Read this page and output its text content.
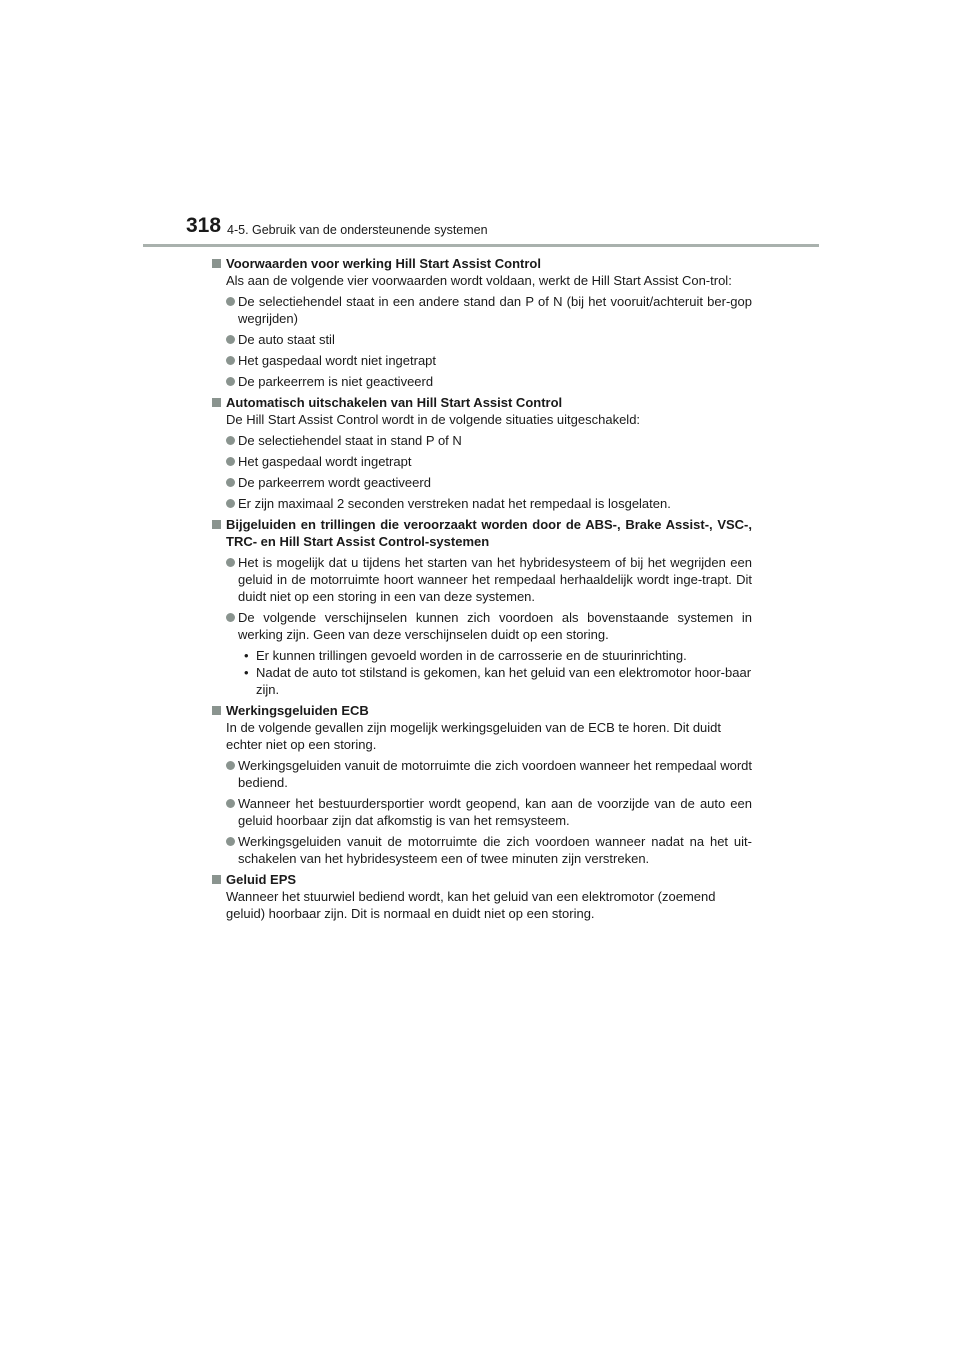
318 4-5. Gebruik van de ondersteunende systemen

Voorwaarden voor werking Hill Start Assist Control

Als aan de volgende vier voorwaarden wordt voldaan, werkt de Hill Start Assist Con-trol:

De selectiehendel staat in een andere stand dan P of N (bij het vooruit/achteruit ber-gop wegrijden)
De auto staat stil
Het gaspedaal wordt niet ingetrapt
De parkeerrem is niet geactiveerd

Automatisch uitschakelen van Hill Start Assist Control

De Hill Start Assist Control wordt in de volgende situaties uitgeschakeld:

De selectiehendel staat in stand P of N
Het gaspedaal wordt ingetrapt
De parkeerrem wordt geactiveerd
Er zijn maximaal 2 seconden verstreken nadat het rempedaal is losgelaten.

Bijgeluiden en trillingen die veroorzaakt worden door de ABS-, Brake Assist-, VSC-, TRC- en Hill Start Assist Control-systemen

Het is mogelijk dat u tijdens het starten van het hybridesysteem of bij het wegrijden een geluid in de motorruimte hoort wanneer het rempedaal herhaaldelijk wordt inge-trapt. Dit duidt niet op een storing in een van deze systemen.
De volgende verschijnselen kunnen zich voordoen als bovenstaande systemen in werking zijn. Geen van deze verschijnselen duidt op een storing.
• Er kunnen trillingen gevoeld worden in de carrosserie en de stuurinrichting.
• Nadat de auto tot stilstand is gekomen, kan het geluid van een elektromotor hoor-baar zijn.

Werkingsgeluiden ECB

In de volgende gevallen zijn mogelijk werkingsgeluiden van de ECB te horen. Dit duidt echter niet op een storing.

Werkingsgeluiden vanuit de motorruimte die zich voordoen wanneer het rempedaal wordt bediend.
Wanneer het bestuurdersportier wordt geopend, kan aan de voorzijde van de auto een geluid hoorbaar zijn dat afkomstig is van het remsysteem.
Werkingsgeluiden vanuit de motorruimte die zich voordoen wanneer nadat na het uit-schakelen van het hybridesysteem een of twee minuten zijn verstreken.

Geluid EPS

Wanneer het stuurwiel bediend wordt, kan het geluid van een elektromotor (zoemend geluid) hoorbaar zijn. Dit is normaal en duidt niet op een storing.
